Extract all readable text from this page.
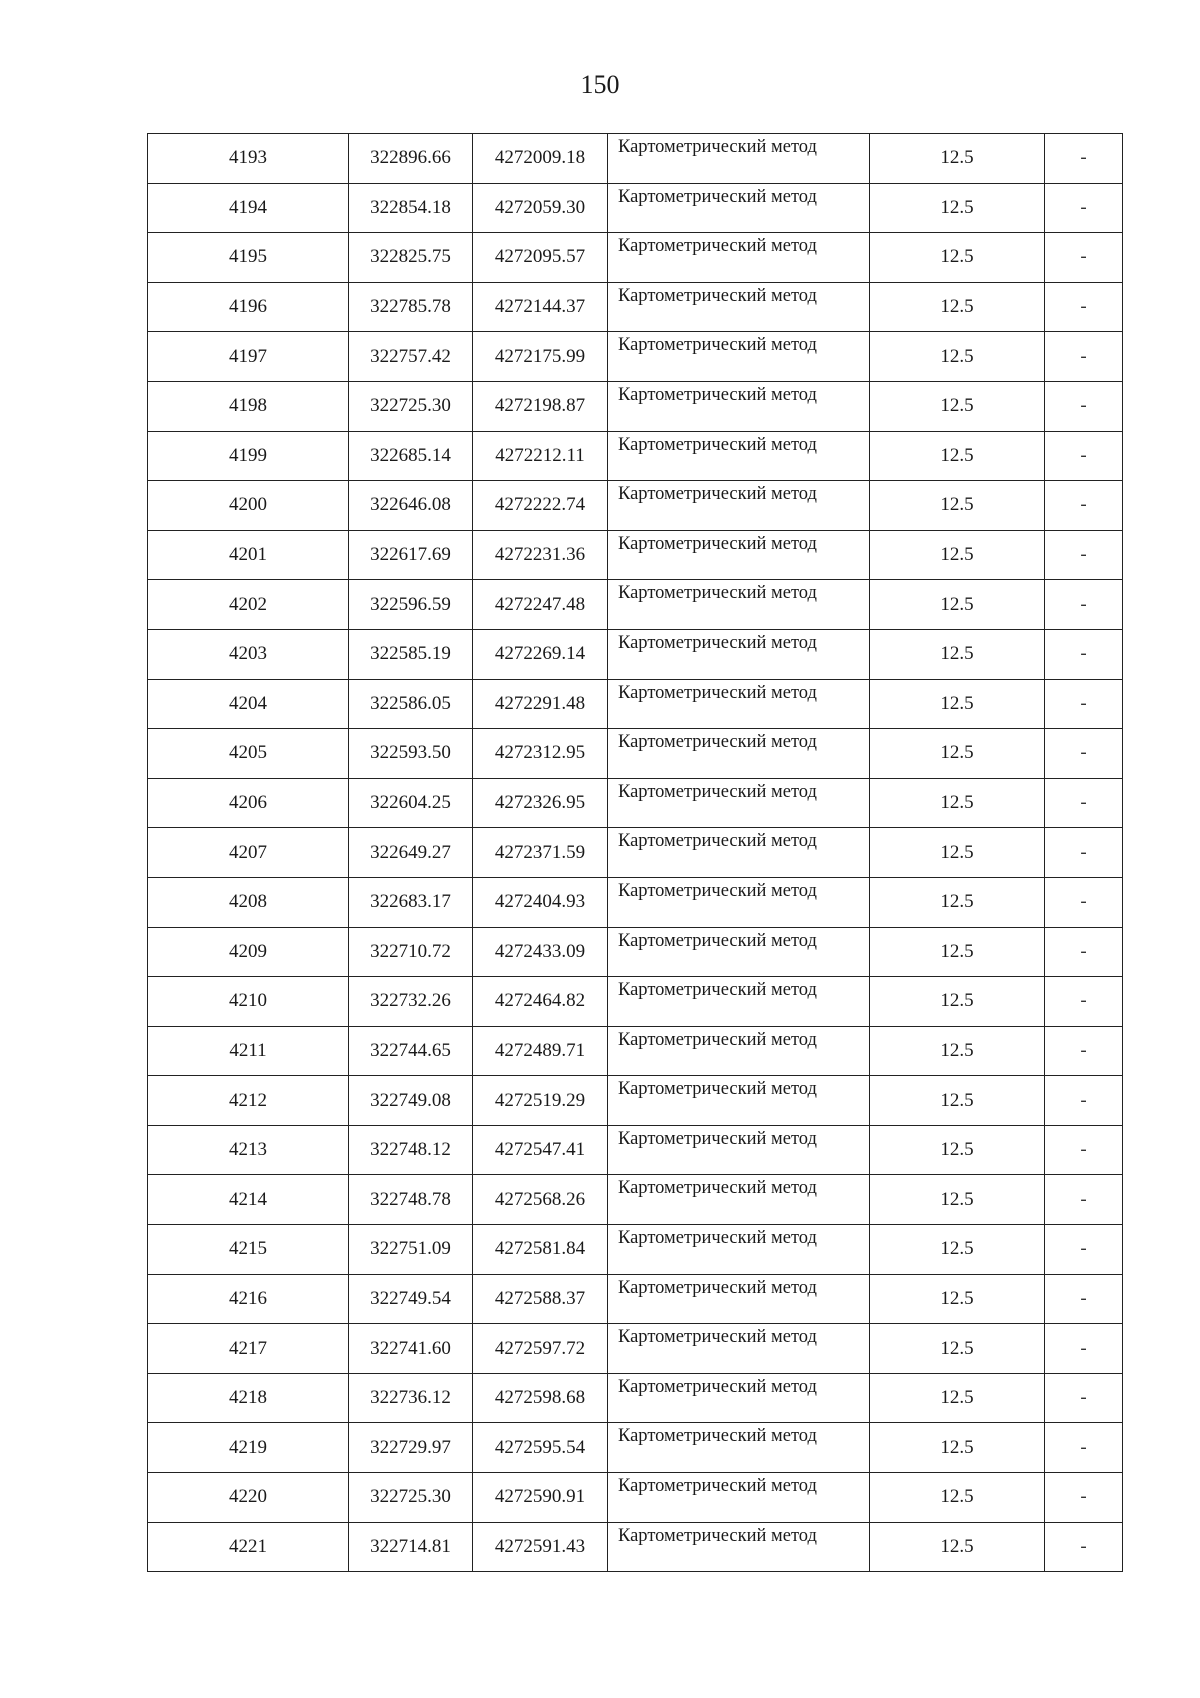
150
4193	322896.66	4272009.18	Картометрический метод	12.5	-
4194	322854.18	4272059.30	Картометрический метод	12.5	-
4195	322825.75	4272095.57	Картометрический метод	12.5	-
4196	322785.78	4272144.37	Картометрический метод	12.5	-
4197	322757.42	4272175.99	Картометрический метод	12.5	-
4198	322725.30	4272198.87	Картометрический метод	12.5	-
4199	322685.14	4272212.11	Картометрический метод	12.5	-
4200	322646.08	4272222.74	Картометрический метод	12.5	-
4201	322617.69	4272231.36	Картометрический метод	12.5	-
4202	322596.59	4272247.48	Картометрический метод	12.5	-
4203	322585.19	4272269.14	Картометрический метод	12.5	-
4204	322586.05	4272291.48	Картометрический метод	12.5	-
4205	322593.50	4272312.95	Картометрический метод	12.5	-
4206	322604.25	4272326.95	Картометрический метод	12.5	-
4207	322649.27	4272371.59	Картометрический метод	12.5	-
4208	322683.17	4272404.93	Картометрический метод	12.5	-
4209	322710.72	4272433.09	Картометрический метод	12.5	-
4210	322732.26	4272464.82	Картометрический метод	12.5	-
4211	322744.65	4272489.71	Картометрический метод	12.5	-
4212	322749.08	4272519.29	Картометрический метод	12.5	-
4213	322748.12	4272547.41	Картометрический метод	12.5	-
4214	322748.78	4272568.26	Картометрический метод	12.5	-
4215	322751.09	4272581.84	Картометрический метод	12.5	-
4216	322749.54	4272588.37	Картометрический метод	12.5	-
4217	322741.60	4272597.72	Картометрический метод	12.5	-
4218	322736.12	4272598.68	Картометрический метод	12.5	-
4219	322729.97	4272595.54	Картометрический метод	12.5	-
4220	322725.30	4272590.91	Картометрический метод	12.5	-
4221	322714.81	4272591.43	Картометрический метод	12.5	-
